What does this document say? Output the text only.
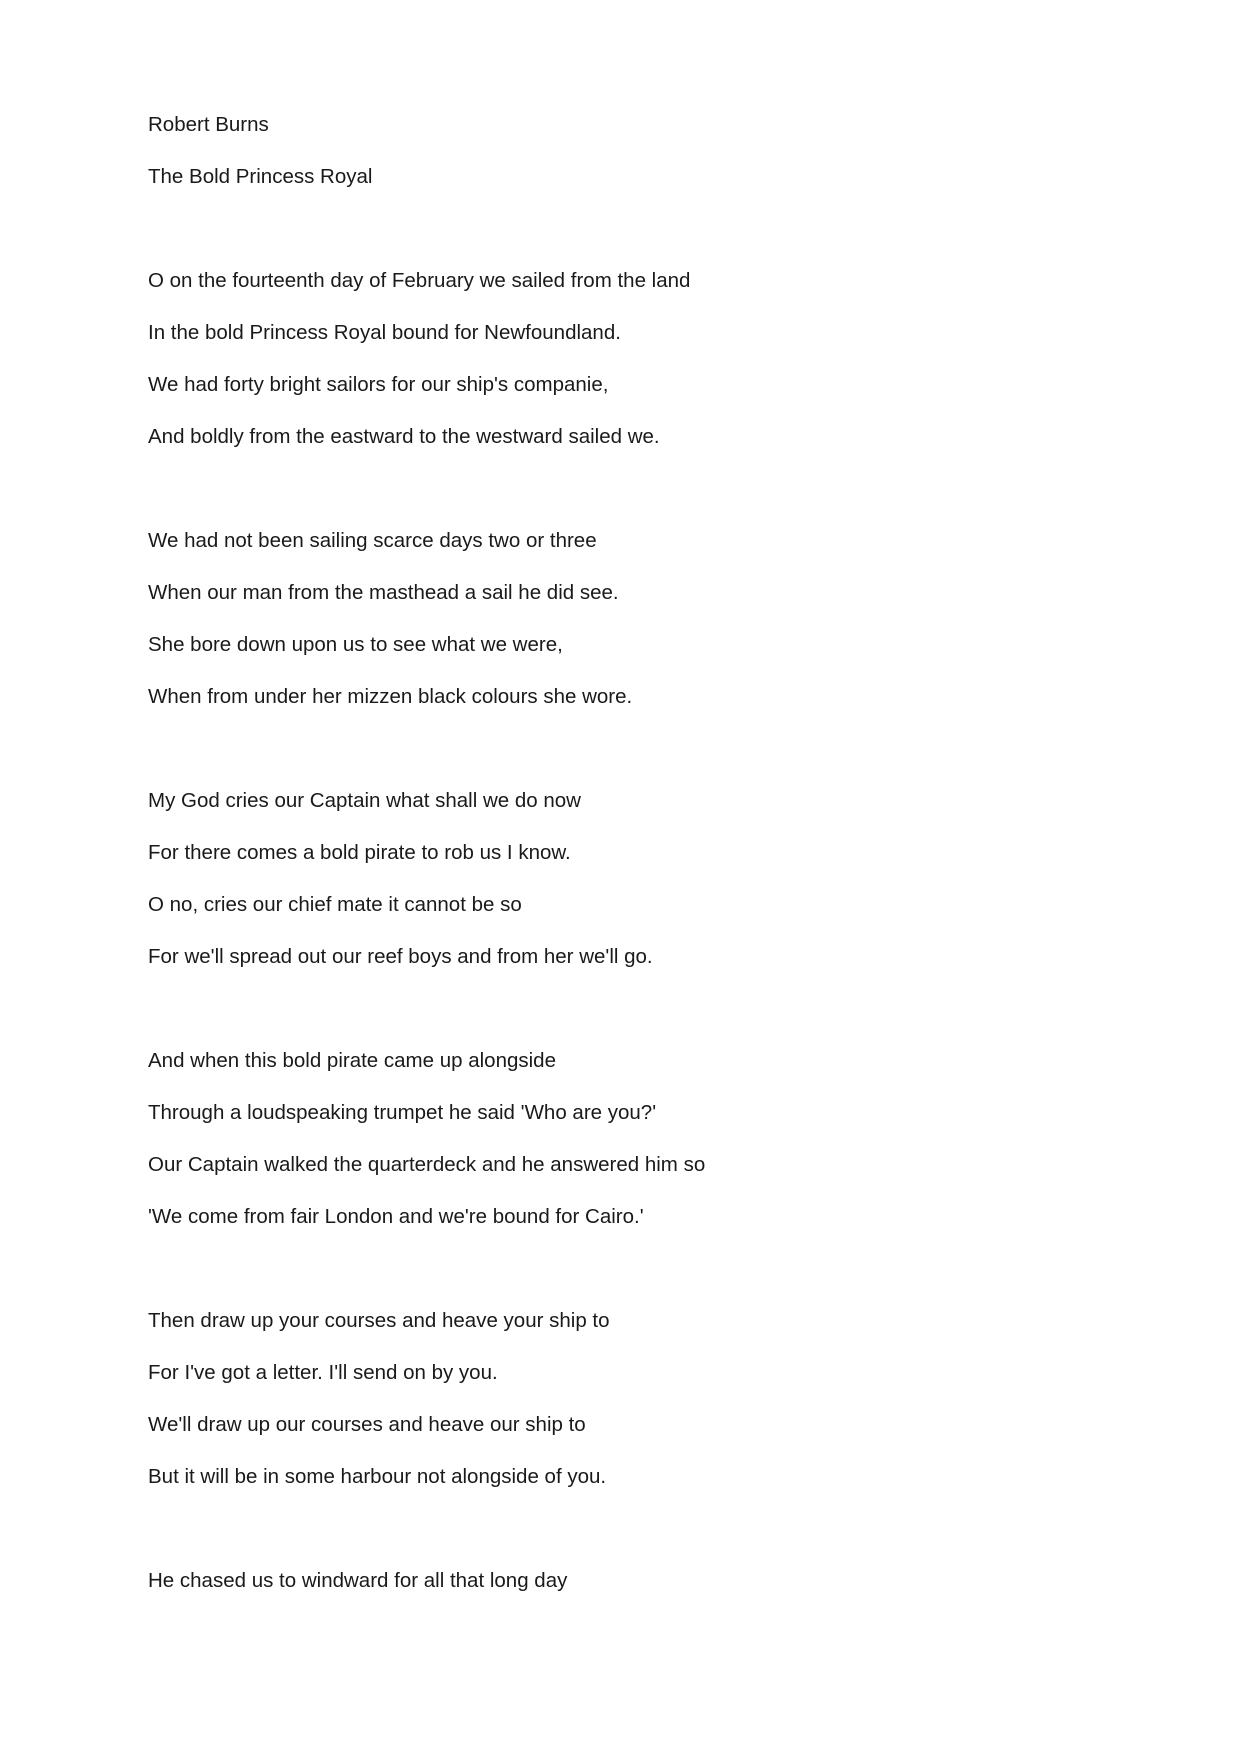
Robert Burns

The Bold Princess Royal

O on the fourteenth day of February we sailed from the land

In the bold Princess Royal bound for Newfoundland.

We had forty bright sailors for our ship's companie,

And boldly from the eastward to the westward sailed we.

We had not been sailing scarce days two or three

When our man from the masthead a sail he did see.

She bore down upon us to see what we were,

When from under her mizzen black colours she wore.

My God cries our Captain what shall we do now

For there comes a bold pirate to rob us I know.

O no, cries our chief mate it cannot be so

For we'll spread out our reef boys and from her we'll go.

And when this bold pirate came up alongside

Through a loudspeaking trumpet he said 'Who are you?'

Our Captain walked the quarterdeck and he answered him so

'We come from fair London and we're bound for Cairo.'

Then draw up your courses and heave your ship to

For I've got a letter. I'll send on by you.

We'll draw up our courses and heave our ship to

But it will be in some harbour not alongside of you.

He chased us to windward for all that long day
